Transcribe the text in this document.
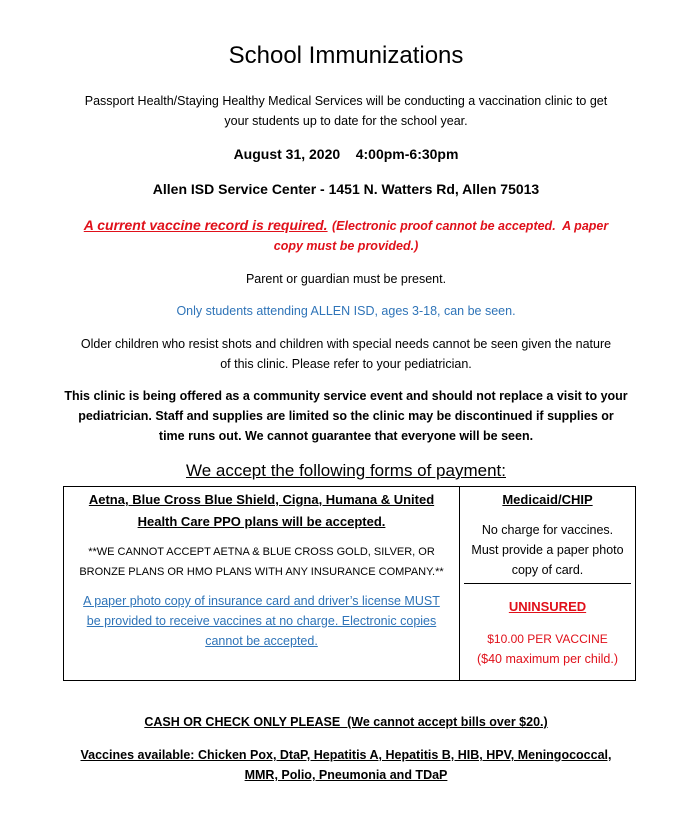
School Immunizations
Passport Health/Staying Healthy Medical Services will be conducting a vaccination clinic to get
your students up to date for the school year.
August 31, 2020    4:00pm-6:30pm
Allen ISD Service Center - 1451 N. Watters Rd, Allen 75013
A current vaccine record is required. (Electronic proof cannot be accepted.  A paper
copy must be provided.)
Parent or guardian must be present.
Only students attending ALLEN ISD, ages 3-18, can be seen.
Older children who resist shots and children with special needs cannot be seen given the nature
of this clinic. Please refer to your pediatrician.
This clinic is being offered as a community service event and should not replace a visit to your
pediatrician. Staff and supplies are limited so the clinic may be discontinued if supplies or
time runs out. We cannot guarantee that everyone will be seen.
We accept the following forms of payment:
Aetna, Blue Cross Blue Shield, Cigna, Humana & United
Health Care PPO plans will be accepted.
**WE CANNOT ACCEPT AETNA & BLUE CROSS GOLD, SILVER, OR
BRONZE PLANS OR HMO PLANS WITH ANY INSURANCE COMPANY.**
A paper photo copy of insurance card and driver’s license MUST
be provided to receive vaccines at no charge. Electronic copies
cannot be accepted.
Medicaid/CHIP
No charge for vaccines.
Must provide a paper photo
copy of card.
UNINSURED
$10.00 PER VACCINE
($40 maximum per child.)
CASH OR CHECK ONLY PLEASE  (We cannot accept bills over $20.)
Vaccines available: Chicken Pox, DtaP, Hepatitis A, Hepatitis B, HIB, HPV, Meningococcal,
MMR, Polio, Pneumonia and TDaP
